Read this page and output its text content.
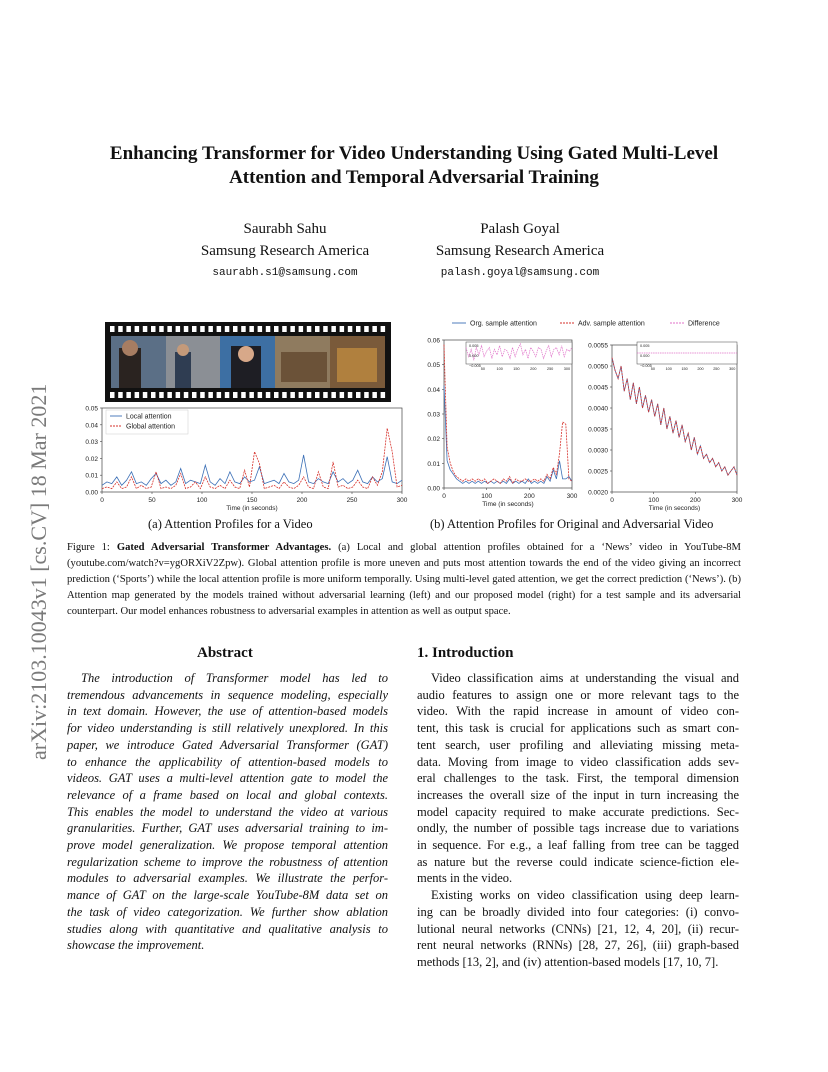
arXiv:2103.10043v1 [cs.CV] 18 Mar 2021
Enhancing Transformer for Video Understanding Using Gated Multi-Level
Attention and Temporal Adversarial Training
Saurabh Sahu
Samsung Research America
saurabh.s1@samsung.com
Palash Goyal
Samsung Research America
palash.goyal@samsung.com
0.00
0.01
0.02
0.03
0.04
0.05
0	50	100	150	200	250	300
Time (in seconds)
Local attention
Global attention
Org. sample attention	Adv. sample attention	Difference
0.00
0.01
0.02
0.03
0.04
0.05
0.06
0	100	200	300
Time (in seconds)
0.005
0.000
−0.005
50	100	150	200	250	300
0.0020
0.0025
0.0030
0.0035
0.0040
0.0045
0.0050
0.0055
0	100	200	300
Time (in seconds)
0.005
0.000
−0.005
50	100	150	200	250	300
(a) Attention Profiles for a Video	(b) Attention Profiles for Original and Adversarial Video
Figure 1: Gated Adversarial Transformer Advantages. (a) Local and global attention profiles obtained for a ‘News’ video in YouTube-8M (youtube.com/watch?v=ygORXiV2Zpw). Global attention profile is more uneven and puts most attention towards the end of the video giving an incorrect prediction (‘Sports’) while the local attention profile is more uniform temporally. Using multi-level gated attention, we get the correct prediction (‘News’). (b) Attention map generated by the models trained without adversarial learning (left) and our proposed model (right) for a test sample and its adversarial counterpart. Our model enhances robustness to adversarial examples in attention as well as output space.
Abstract
The introduction of Transformer model has led to
tremendous advancements in sequence modeling, especially
in text domain. However, the use of attention-based models
for video understanding is still relatively unexplored. In this
paper, we introduce Gated Adversarial Transformer (GAT)
to enhance the applicability of attention-based models to
videos. GAT uses a multi-level attention gate to model the
relevance of a frame based on local and global contexts.
This enables the model to understand the video at various
granularities. Further, GAT uses adversarial training to im-
prove model generalization. We propose temporal attention
regularization scheme to improve the robustness of attention
modules to adversarial examples. We illustrate the perfor-
mance of GAT on the large-scale YouTube-8M data set on
the task of video categorization. We further show ablation
studies along with quantitative and qualitative analysis to
showcase the improvement.
1. Introduction
Video classification aims at understanding the visual and
audio features to assign one or more relevant tags to the
video. With the rapid increase in amount of video con-
tent, this task is crucial for applications such as smart con-
tent search, user profiling and alleviating missing meta-
data. Moving from image to video classification adds sev-
eral challenges to the task. First, the temporal dimension
increases the overall size of the input in turn increasing the
model capacity required to make accurate predictions. Sec-
ondly, the number of possible tags increase due to variations
in sequence. For e.g., a leaf falling from tree can be tagged
as nature but the reverse could indicate science-fiction ele-
ments in the video.
Existing works on video classification using deep learn-
ing can be broadly divided into four categories: (i) convo-
lutional neural networks (CNNs) [21, 12, 4, 20], (ii) recur-
rent neural networks (RNNs) [28, 27, 26], (iii) graph-based
methods [13, 2], and (iv) attention-based models [17, 10, 7].
